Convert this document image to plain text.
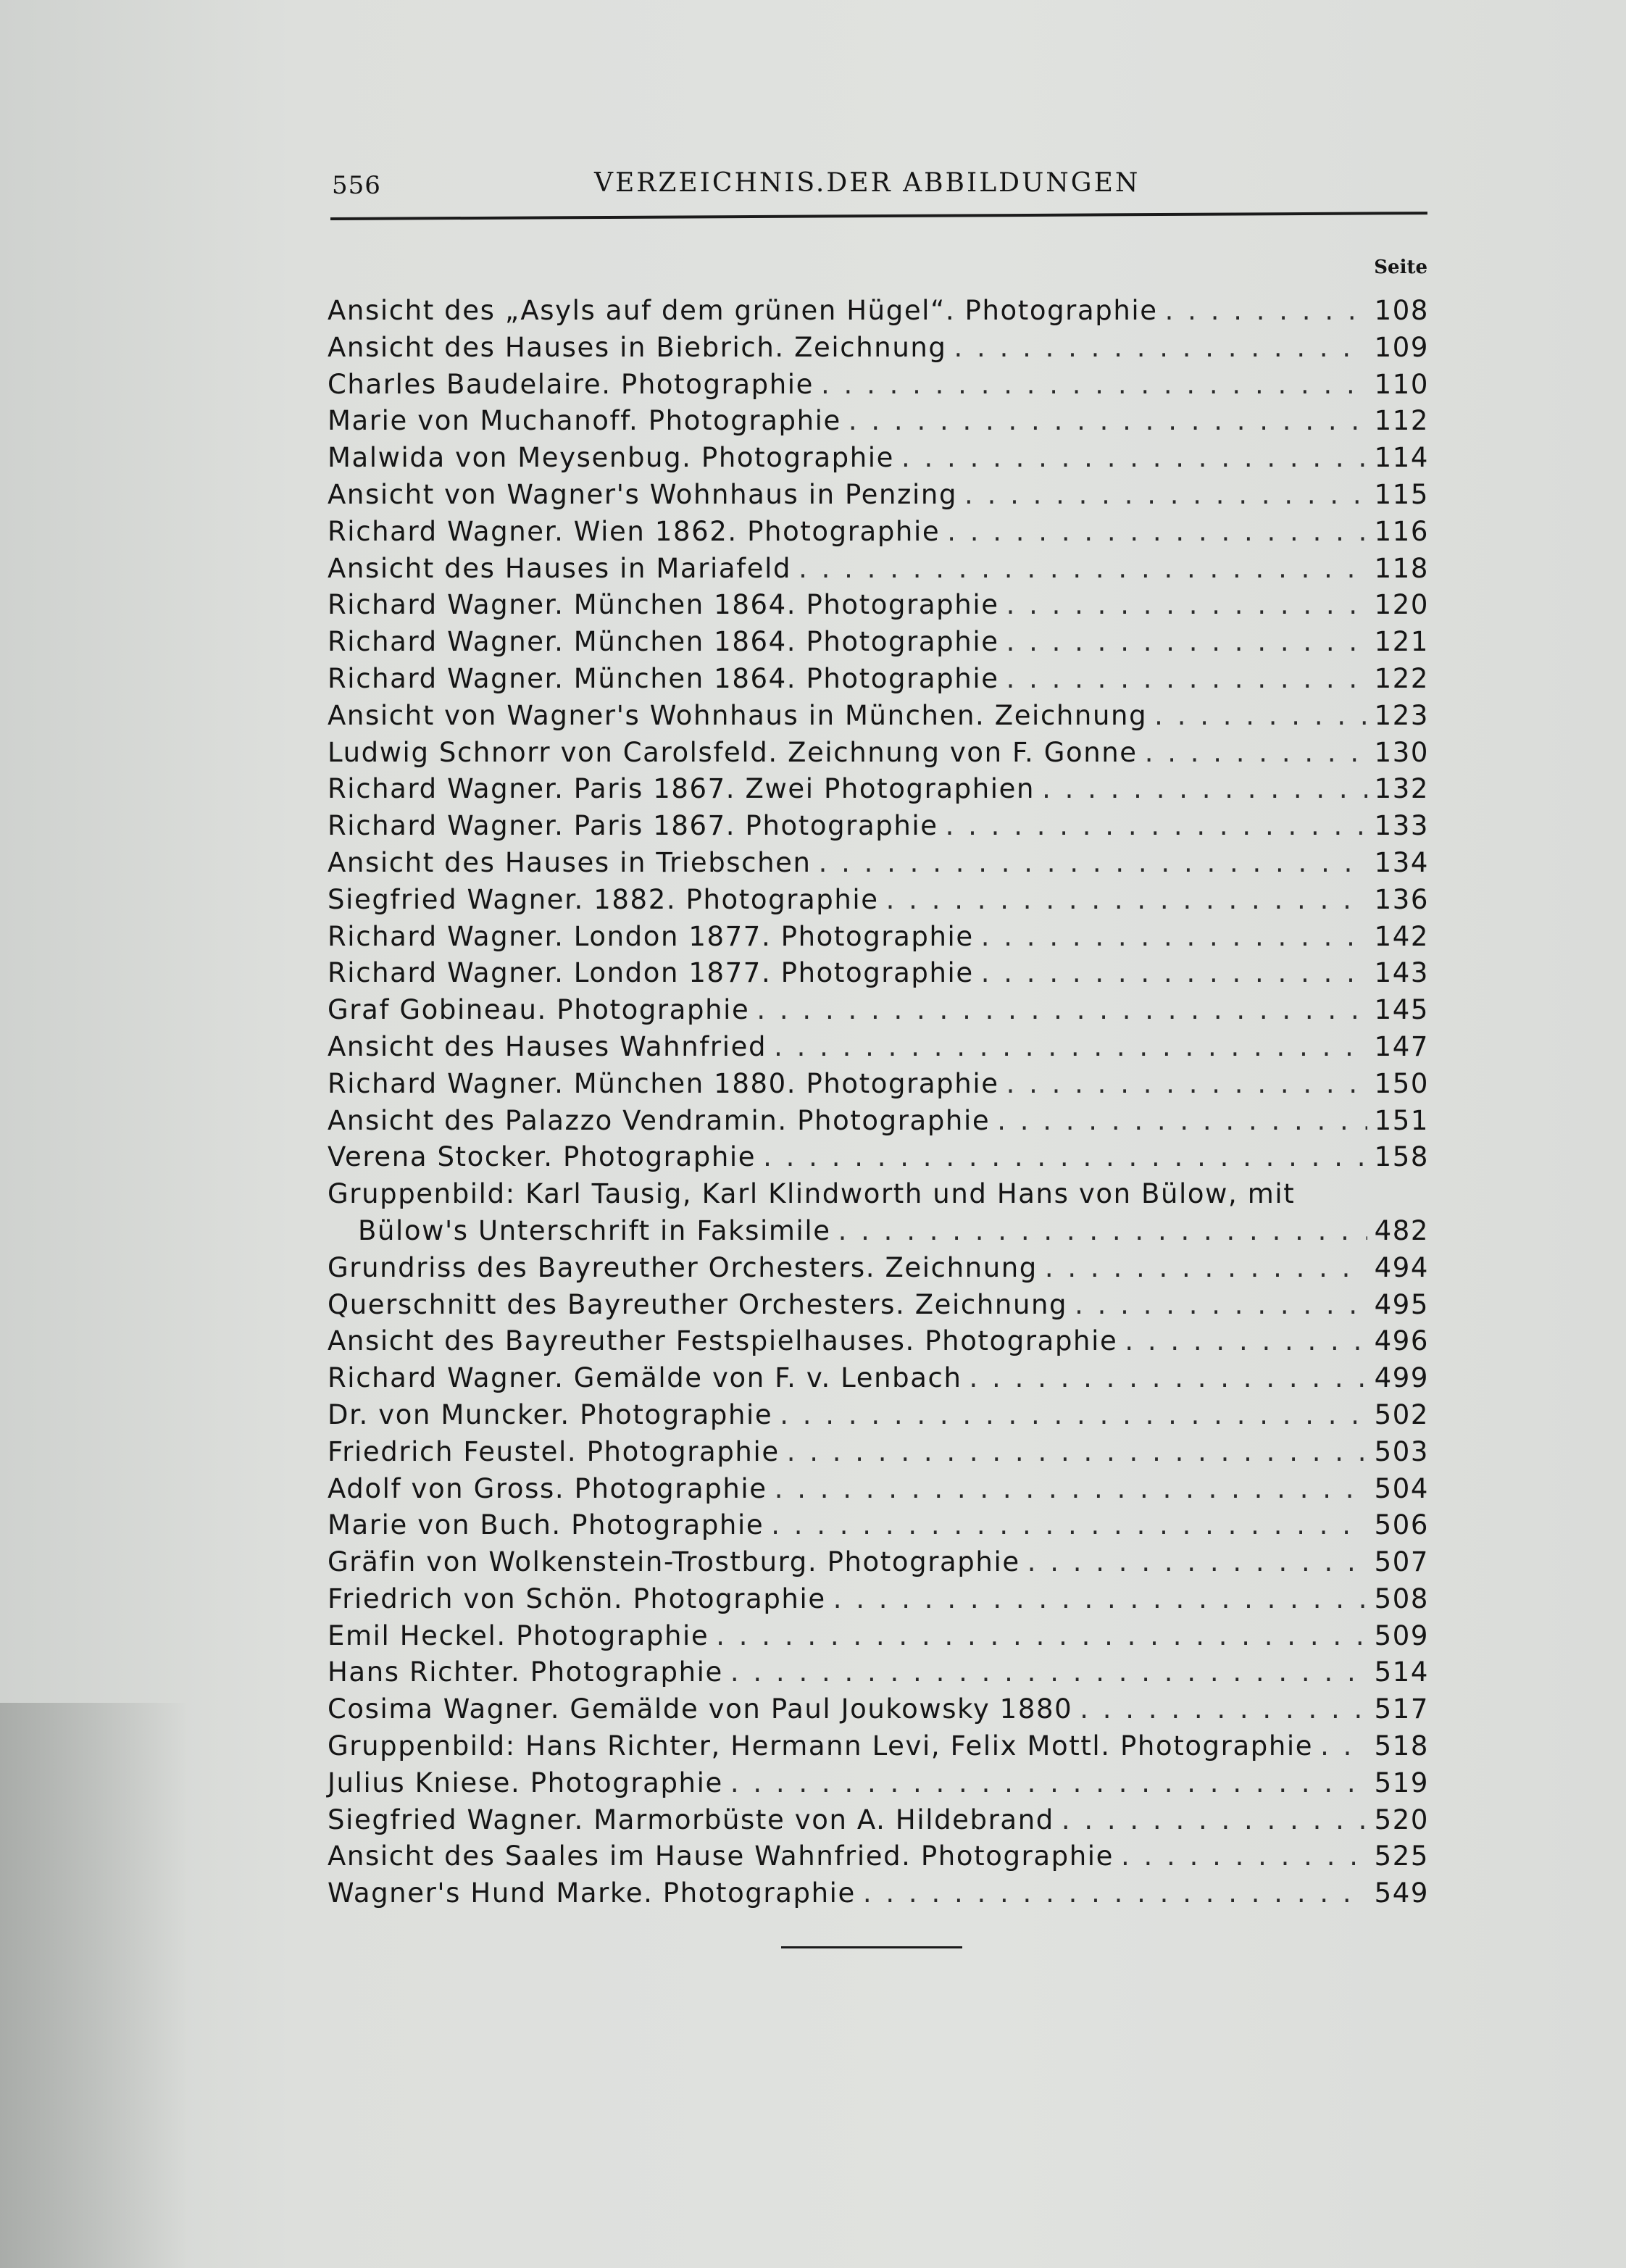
556	VERZEICHNIS.DER ABBILDUNGEN
Seite
Ansicht des „Asyls auf dem grünen Hügel“. Photographie . . .	108
Ansicht des Hauses in Biebrich. Zeichnung . . .	109
Charles Baudelaire. Photographie . . .	110
Marie von Muchanoff. Photographie . . .	112
Malwida von Meysenbug. Photographie . . .	114
Ansicht von Wagner's Wohnhaus in Penzing . . .	115
Richard Wagner. Wien 1862. Photographie . . .	116
Ansicht des Hauses in Mariafeld . . .	118
Richard Wagner. München 1864. Photographie . . .	120
Richard Wagner. München 1864. Photographie . . .	121
Richard Wagner. München 1864. Photographie . . .	122
Ansicht von Wagner's Wohnhaus in München. Zeichnung . . .	123
Ludwig Schnorr von Carolsfeld. Zeichnung von F. Gonne . . .	130
Richard Wagner. Paris 1867. Zwei Photographien . . .	132
Richard Wagner. Paris 1867. Photographie . . .	133
Ansicht des Hauses in Triebschen . . .	134
Siegfried Wagner. 1882. Photographie . . .	136
Richard Wagner. London 1877. Photographie . . .	142
Richard Wagner. London 1877. Photographie . . .	143
Graf Gobineau. Photographie . . .	145
Ansicht des Hauses Wahnfried . . .	147
Richard Wagner. München 1880. Photographie . . .	150
Ansicht des Palazzo Vendramin. Photographie . . .	151
Verena Stocker. Photographie . . .	158
Gruppenbild: Karl Tausig, Karl Klindworth und Hans von Bülow, mit
Bülow's Unterschrift in Faksimile . . .	482
Grundriss des Bayreuther Orchesters. Zeichnung . . .	494
Querschnitt des Bayreuther Orchesters. Zeichnung . . .	495
Ansicht des Bayreuther Festspielhauses. Photographie . . .	496
Richard Wagner. Gemälde von F. v. Lenbach . . .	499
Dr. von Muncker. Photographie . . .	502
Friedrich Feustel. Photographie . . .	503
Adolf von Gross. Photographie . . .	504
Marie von Buch. Photographie . . .	506
Gräfin von Wolkenstein-Trostburg. Photographie . . .	507
Friedrich von Schön. Photographie . . .	508
Emil Heckel. Photographie . . .	509
Hans Richter. Photographie . . .	514
Cosima Wagner. Gemälde von Paul Joukowsky 1880 . . .	517
Gruppenbild: Hans Richter, Hermann Levi, Felix Mottl. Photographie . . . 518
Julius Kniese. Photographie . . .	519
Siegfried Wagner. Marmorbüste von A. Hildebrand . . .	520
Ansicht des Saales im Hause Wahnfried. Photographie . . .	525
Wagner's Hund Marke. Photographie . . .	549
